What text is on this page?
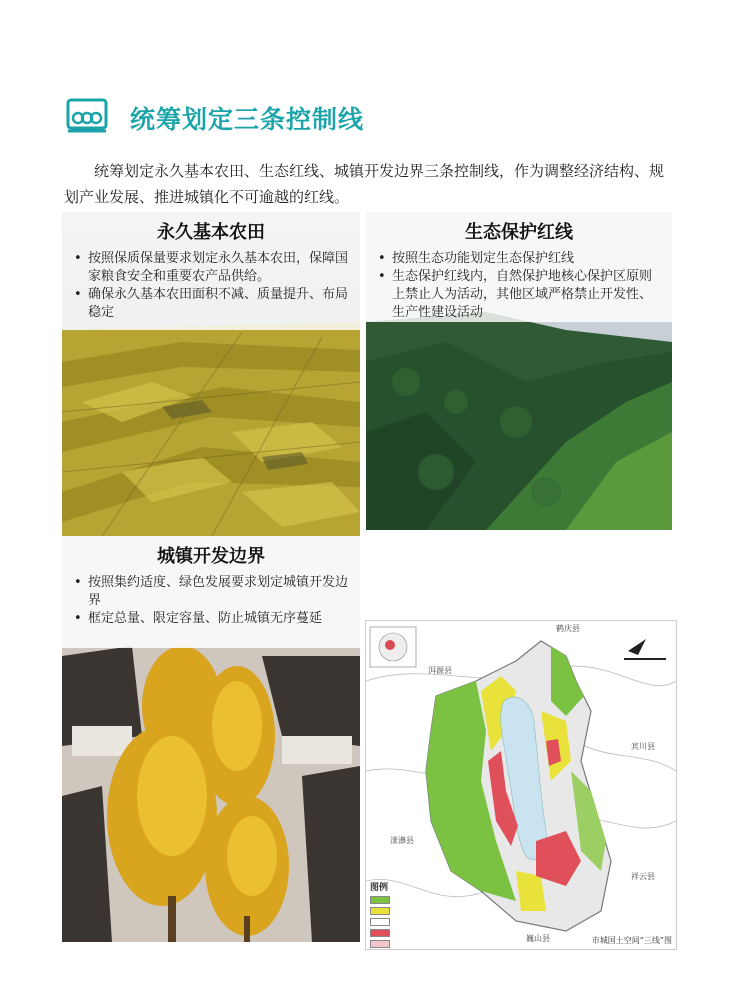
统筹划定三条控制线
统筹划定永久基本农田、生态红线、城镇开发边界三条控制线，作为调整经济结构、规划产业发展、推进城镇化不可逾越的红线。
永久基本农田
• 按照保质保量要求划定永久基本农田，保障国家粮食安全和重要农产品供给。
• 确保永久基本农田面积不减、质量提升、布局稳定
生态保护红线
• 按照生态功能划定生态保护红线
• 生态保护红线内，自然保护地核心保护区原则上禁止人为活动，其他区域严格禁止开发性、生产性建设活动
城镇开发边界
• 按照集约适度、绿色发展要求划定城镇开发边界
• 框定总量、限定容量、防止城镇无序蔓延
洱源县
鹤庆县
宾川县
漾濞县
祥云县
巍山县
图例
市城国土空间“三线”图
搜狐号@搜狐黑点大理站
